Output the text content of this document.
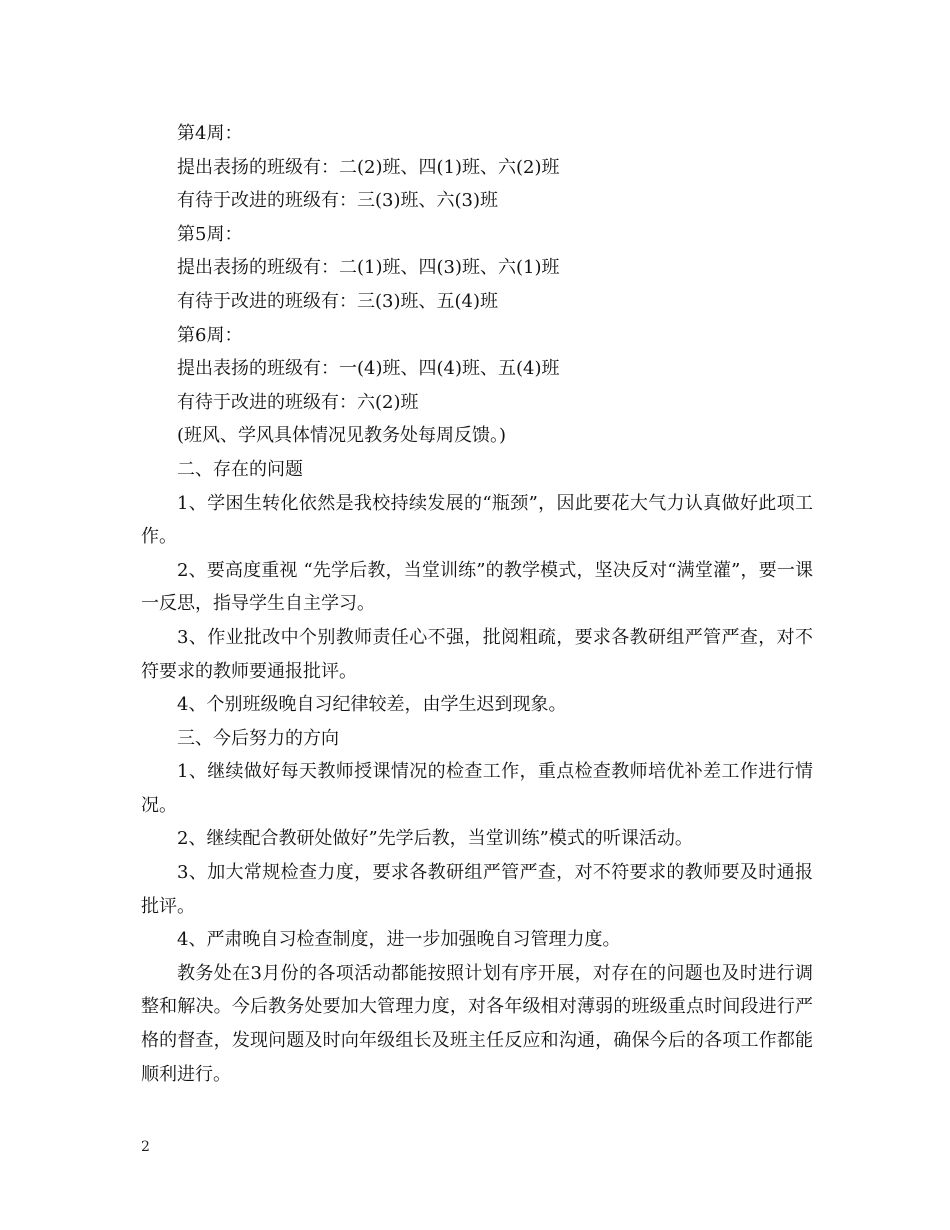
第4周：

提出表扬的班级有：二(2)班、四(1)班、六(2)班

有待于改进的班级有：三(3)班、六(3)班

第5周：

提出表扬的班级有：二(1)班、四(3)班、六(1)班

有待于改进的班级有：三(3)班、五(4)班

第6周：

提出表扬的班级有：一(4)班、四(4)班、五(4)班

有待于改进的班级有：六(2)班

(班风、学风具体情况见教务处每周反馈。)

二、存在的问题

1、学困生转化依然是我校持续发展的“瓶颈”，因此要花大气力认真做好此项工作。

2、要高度重视 “先学后教，当堂训练”的教学模式，坚决反对“满堂灌”，要一课一反思，指导学生自主学习。

3、作业批改中个别教师责任心不强，批阅粗疏，要求各教研组严管严查，对不符要求的教师要通报批评。

4、个别班级晚自习纪律较差，由学生迟到现象。

三、今后努力的方向

1、继续做好每天教师授课情况的检查工作，重点检查教师培优补差工作进行情况。

2、继续配合教研处做好”先学后教，当堂训练”模式的听课活动。

3、加大常规检查力度，要求各教研组严管严查，对不符要求的教师要及时通报批评。

4、严肃晚自习检查制度，进一步加强晚自习管理力度。

教务处在3月份的各项活动都能按照计划有序开展，对存在的问题也及时进行调整和解决。今后教务处要加大管理力度，对各年级相对薄弱的班级重点时间段进行严格的督查，发现问题及时向年级组长及班主任反应和沟通，确保今后的各项工作都能顺利进行。

2
